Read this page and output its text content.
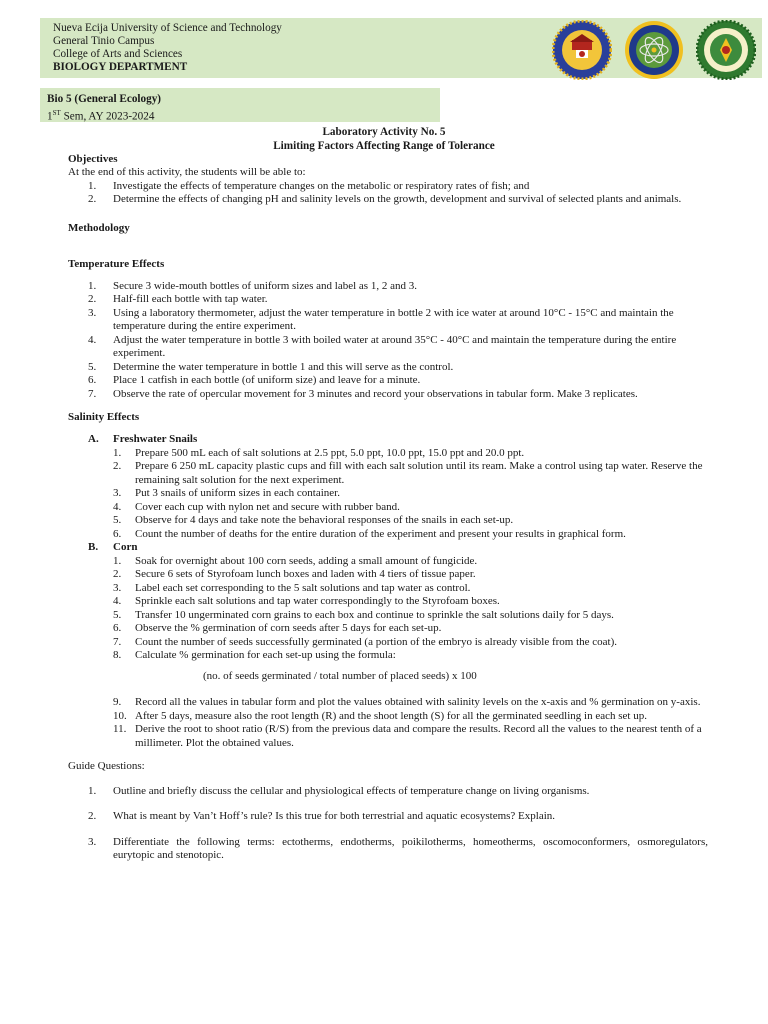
Nueva Ecija University of Science and Technology
General Tinio Campus
College of Arts and Sciences
BIOLOGY DEPARTMENT
Bio 5 (General Ecology)
1ST Sem, AY 2023-2024
Laboratory Activity No. 5
Limiting Factors Affecting Range of Tolerance
Objectives
At the end of this activity, the students will be able to:
1. Investigate the effects of temperature changes on the metabolic or respiratory rates of fish; and
2. Determine the effects of changing pH and salinity levels on the growth, development and survival of selected plants and animals.
Methodology
Temperature Effects
1. Secure 3 wide-mouth bottles of uniform sizes and label as 1, 2 and 3.
2. Half-fill each bottle with tap water.
3. Using a laboratory thermometer, adjust the water temperature in bottle 2 with ice water at around 10°C - 15°C and maintain the temperature during the entire experiment.
4. Adjust the water temperature in bottle 3 with boiled water at around 35°C - 40°C and maintain the temperature during the entire experiment.
5. Determine the water temperature in bottle 1 and this will serve as the control.
6. Place 1 catfish in each bottle (of uniform size) and leave for a minute.
7. Observe the rate of opercular movement for 3 minutes and record your observations in tabular form. Make 3 replicates.
Salinity Effects
A. Freshwater Snails
1. Prepare 500 mL each of salt solutions at 2.5 ppt, 5.0 ppt, 10.0 ppt, 15.0 ppt and 20.0 ppt.
2. Prepare 6 250 mL capacity plastic cups and fill with each salt solution until its ream. Make a control using tap water. Reserve the remaining salt solution for the next experiment.
3. Put 3 snails of uniform sizes in each container.
4. Cover each cup with nylon net and secure with rubber band.
5. Observe for 4 days and take note the behavioral responses of the snails in each set-up.
6. Count the number of deaths for the entire duration of the experiment and present your results in graphical form.
B. Corn
1. Soak for overnight about 100 corn seeds, adding a small amount of fungicide.
2. Secure 6 sets of Styrofoam lunch boxes and laden with 4 tiers of tissue paper.
3. Label each set corresponding to the 5 salt solutions and tap water as control.
4. Sprinkle each salt solutions and tap water correspondingly to the Styrofoam boxes.
5. Transfer 10 ungerminated corn grains to each box and continue to sprinkle the salt solutions daily for 5 days.
6. Observe the % germination of corn seeds after 5 days for each set-up.
7. Count the number of seeds successfully germinated (a portion of the embryo is already visible from the coat).
8. Calculate % germination for each set-up using the formula:
(no. of seeds germinated / total number of placed seeds) x 100
9. Record all the values in tabular form and plot the values obtained with salinity levels on the x-axis and % germination on y-axis.
10. After 5 days, measure also the root length (R) and the shoot length (S) for all the germinated seedling in each set up.
11. Derive the root to shoot ratio (R/S) from the previous data and compare the results. Record all the values to the nearest tenth of a millimeter. Plot the obtained values.
Guide Questions:
1. Outline and briefly discuss the cellular and physiological effects of temperature change on living organisms.
2. What is meant by Van’t Hoff’s rule? Is this true for both terrestrial and aquatic ecosystems? Explain.
3. Differentiate the following terms: ectotherms, endotherms, poikilotherms, homeotherms, oscomoconformers, osmoregulators, eurytopic and stenotopic.
